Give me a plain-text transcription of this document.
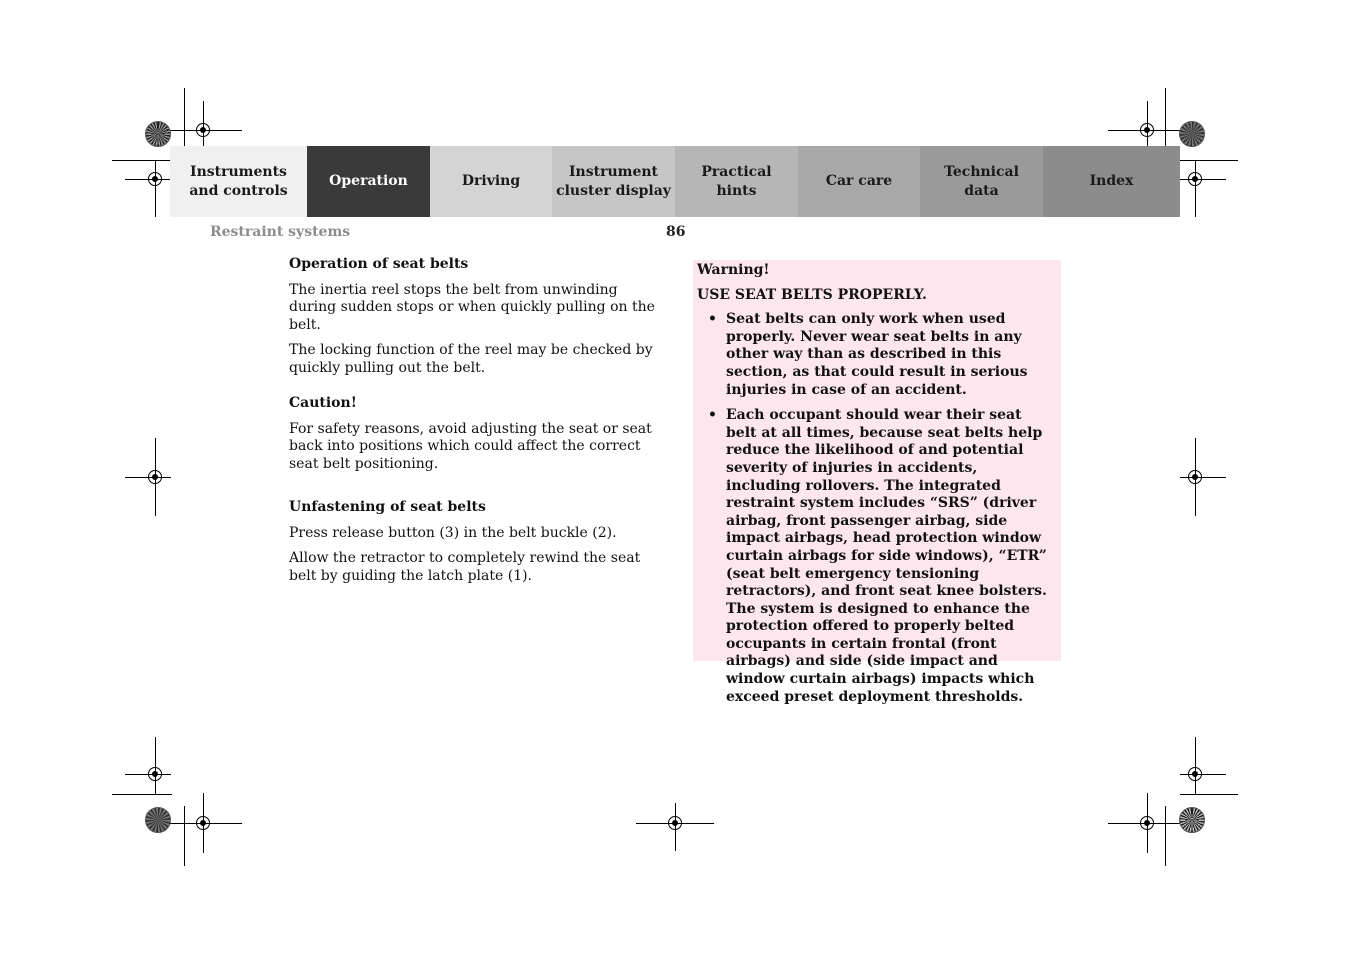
Instruments
and controls
Operation	Driving
Instrument
cluster display
Practical hints
Car care
Technical
data
Index
Restraint systems	86
Operation of seat belts

The inertia reel stops the belt from unwinding during sudden stops or when quickly pulling on the belt.

The locking function of the reel may be checked by quickly pulling out the belt.

Caution!

For safety reasons, avoid adjusting the seat or seat back into positions which could affect the correct seat belt positioning.

Unfastening of seat belts

Press release button (3) in the belt buckle (2).

Allow the retractor to completely rewind the seat belt by guiding the latch plate (1).

Warning!

USE SEAT BELTS PROPERLY.

• Seat belts can only work when used properly. Never wear seat belts in any other way than as described in this section, as that could result in serious injuries in case of an accident.
• Each occupant should wear their seat belt at all times, because seat belts help reduce the likelihood of and potential severity of injuries in accidents, including rollovers. The integrated restraint system includes “SRS” (driver airbag, front passenger airbag, side impact airbags, head protection window curtain airbags for side windows), “ETR” (seat belt emergency tensioning retractors), and front seat knee bolsters. The system is designed to enhance the protection offered to properly belted occupants in certain frontal (front airbags) and side (side impact and window curtain airbags) impacts which exceed preset deployment thresholds.
